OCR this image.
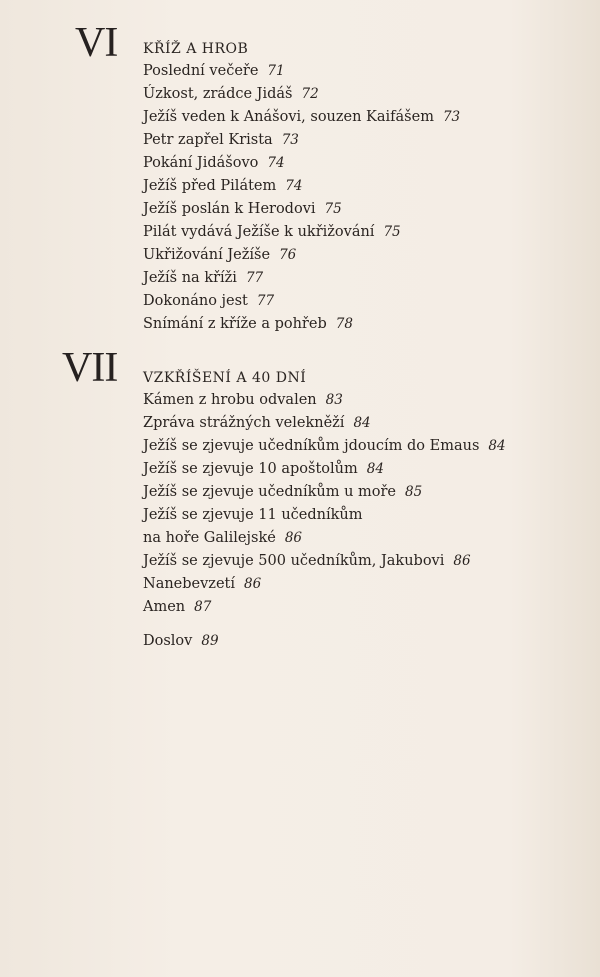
VI KŘÍŽ A HROB
Poslední večeře 71
Úzkost, zrádce Jidáš 72
Ježíš veden k Anášovi, souzen Kaifášem 73
Petr zapřel Krista 73
Pokání Jidášovo 74
Ježíš před Pilátem 74
Ježíš poslán k Herodovi 75
Pilát vydává Ježíše k ukřižování 75
Ukřižování Ježíše 76
Ježíš na kříži 77
Dokonáno jest 77
Snímání z kříže a pohřeb 78
VII VZKŘÍŠENÍ A 40 DNÍ
Kámen z hrobu odvalen 83
Zpráva strážných velekněží 84
Ježíš se zjevuje učedníkům jdoucím do Emaus 84
Ježíš se zjevuje 10 apoštolům 84
Ježíš se zjevuje učedníkům u moře 85
Ježíš se zjevuje 11 učedníkům
na hoře Galilejské 86
Ježíš se zjevuje 500 učedníkům, Jakubovi 86
Nanebevzetí 86
Amen 87
Doslov 89
